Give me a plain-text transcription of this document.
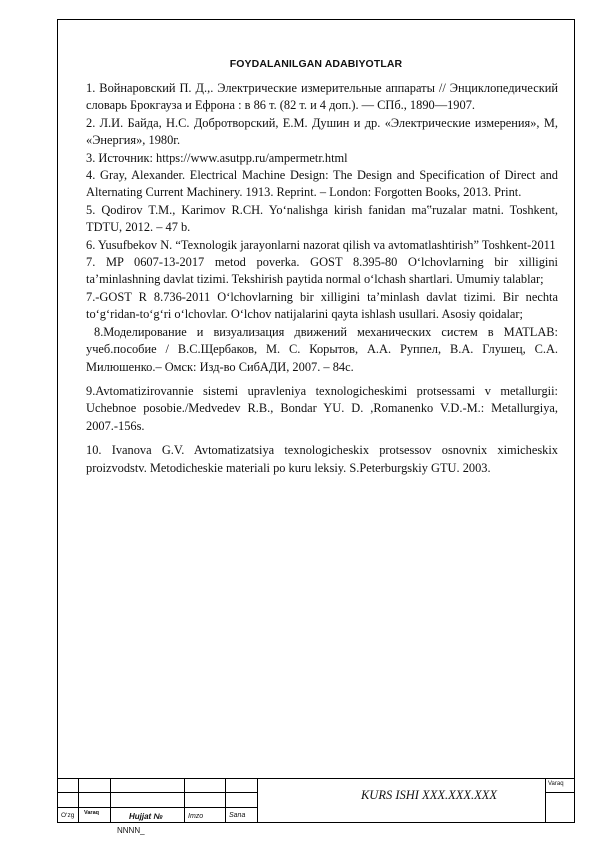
FOYDALANILGAN ADABIYOTLAR

1. Войнаровский П. Д.,. Электрические измерительные аппараты // Энциклопедический словарь Брокгауза и Ефрона : в 86 т. (82 т. и 4 доп.). — СПб., 1890—1907.

2. Л.И. Байда, Н.С. Добротворский, Е.М. Душин и др. «Электрические измерения», М, «Энергия», 1980г.

3. Источник: https://www.asutpp.ru/ampermetr.html

4. Gray, Alexander. Electrical Machine Design: The Design and Specification of Direct and Alternating Current Machinery. 1913. Reprint. – London: Forgotten Books, 2013. Print.

5. Qodirov T.M., Karimov R.CH. Yo‘nalishga kirish fanidan ma‟ruzalar matni. Toshkent, TDTU, 2012. – 47 b.

6. Yusufbekov N. “Texnologik jarayonlarni nazorat qilish va avtomatlashtirish” Toshkent-2011

7. MP 0607-13-2017 metod poverka. GOST 8.395-80 O‘lchovlarning bir xilligini ta’minlashning davlat tizimi. Tekshirish paytida normal o‘lchash shartlari. Umumiy talablar;

7.-GOST R 8.736-2011 O‘lchovlarning bir xilligini ta’minlash davlat tizimi. Bir nechta to‘g‘ridan-to‘g‘ri o‘lchovlar. O‘lchov natijalarini qayta ishlash usullari. Asosiy qoidalar;

8.Моделирование и визуализация движений механических систем в MATLAB: учеб.пособие / В.С.Щербаков, М. С. Корытов, А.А. Руппел, В.А. Глушец, С.А. Милюшенко.– Омск: Изд-во СибАДИ, 2007. – 84с.

9.Avtomatizirovannie sistemi upravleniya texnologicheskimi protsessami v metallurgii: Uchebnoe posobie./Medvedev R.B., Bondar YU. D. ,Romanenko V.D.-M.: Metallurgiya, 2007.-156s.

10. Ivanova G.V. Avtomatizatsiya texnologicheskix protsessov osnovnix ximicheskix proizvodstv. Metodicheskie materiali po kuru leksiy. S.Peterburgskiy GTU. 2003.

O‘zg Varaq	Hujjat №	Imzo	Sana
Varaq
KURS ISHI XXX.XXX.XXX
NNNN_
